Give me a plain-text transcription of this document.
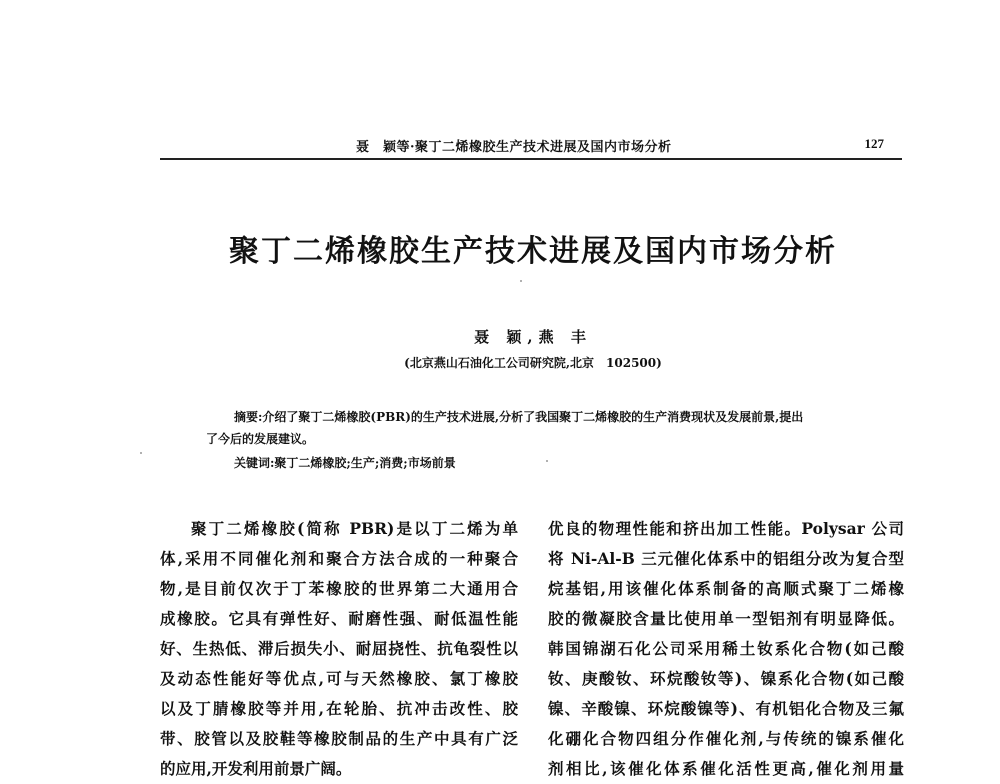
聂　颖等·聚丁二烯橡胶生产技术进展及国内市场分析	127
聚丁二烯橡胶生产技术进展及国内市场分析
聂 颖,燕 丰
(北京燕山石油化工公司研究院,北京　102500)
摘要:介绍了聚丁二烯橡胶(PBR)的生产技术进展,分析了我国聚丁二烯橡胶的生产消费现状及发展前景,提出
了今后的发展建议。
关键词:聚丁二烯橡胶;生产;消费;市场前景
聚丁二烯橡胶(简称 PBR)是以丁二烯为单
体,采用不同催化剂和聚合方法合成的一种聚合
物,是目前仅次于丁苯橡胶的世界第二大通用合
成橡胶。它具有弹性好、耐磨性强、耐低温性能
好、生热低、滞后损失小、耐屈挠性、抗龟裂性以
及动态性能好等优点,可与天然橡胶、氯丁橡胶
以及丁腈橡胶等并用,在轮胎、抗冲击改性、胶
带、胶管以及胶鞋等橡胶制品的生产中具有广泛
的应用,开发利用前景广阔。
优良的物理性能和挤出加工性能。Polysar 公司
将 Ni-Al-B 三元催化体系中的铝组分改为复合型
烷基铝,用该催化体系制备的高顺式聚丁二烯橡
胶的微凝胶含量比使用单一型铝剂有明显降低。
韩国锦湖石化公司采用稀土钕系化合物(如己酸
钕、庚酸钕、环烷酸钕等)、镍系化合物(如己酸
镍、辛酸镍、环烷酸镍等)、有机铝化合物及三氟
化硼化合物四组分作催化剂,与传统的镍系催化
剂相比,该催化体系催化活性更高,催化剂用量
